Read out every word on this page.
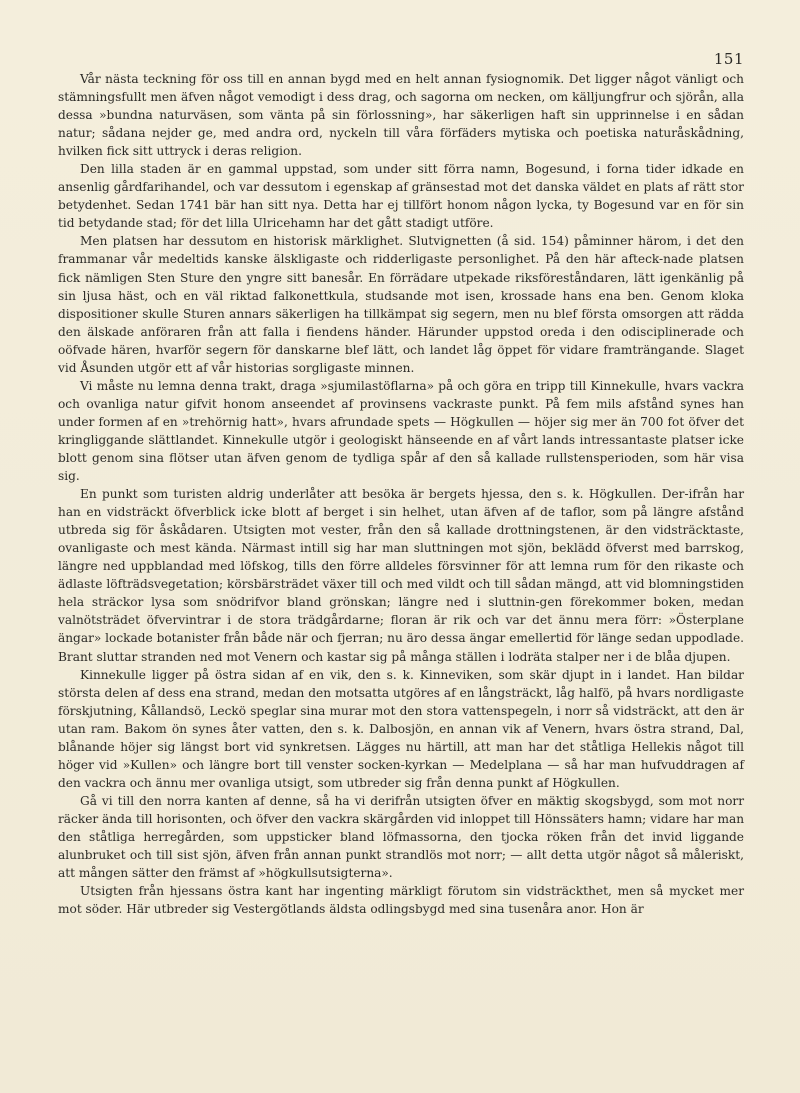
151

Vår nästa teckning för oss till en annan bygd med en helt annan fysiognomik. Det ligger något vänligt och stämningsfullt men äfven något vemodigt i dess drag, och sagorna om necken, om källjungfrur och sjörån, alla dessa »bundna naturväsen, som vänta på sin förlossning», har säkerligen haft sin upprinnelse i en sådan natur; sådana nejder ge, med andra ord, nyckeln till våra förfäders mytiska och poetiska naturåskådning, hvilken fick sitt uttryck i deras religion.

Den lilla staden är en gammal uppstad, som under sitt förra namn, Bogesund, i forna tider idkade en ansenlig gårdfarihandel, och var dessutom i egenskap af gränsestad mot det danska väldet en plats af rätt stor betydenhet. Sedan 1741 bär han sitt nya. Detta har ej tillfört honom någon lycka, ty Bogesund var en för sin tid betydande stad; för det lilla Ulricehamn har det gått stadigt utföre.

Men platsen har dessutom en historisk märklighet. Slutvignetten (å sid. 154) påminner härom, i det den frammanar vår medeltids kanske älskligaste och ridderligaste personlighet. På den här afteck-nade platsen fick nämligen Sten Sture den yngre sitt banesår. En förrädare utpekade riksföreståndaren, lätt igenkänlig på sin ljusa häst, och en väl riktad falkonettkula, studsande mot isen, krossade hans ena ben. Genom kloka dispositioner skulle Sturen annars säkerligen ha tillkämpat sig segern, men nu blef första omsorgen att rädda den älskade anföraren från att falla i fiendens händer. Härunder uppstod oreda i den odisciplinerade och oöfvade hären, hvarför segern för danskarne blef lätt, och landet låg öppet för vidare framträngande. Slaget vid Åsunden utgör ett af vår historias sorgligaste minnen.

Vi måste nu lemna denna trakt, draga »sjumilastöflarna» på och göra en tripp till Kinnekulle, hvars vackra och ovanliga natur gifvit honom anseendet af provinsens vackraste punkt. På fem mils afstånd synes han under formen af en »trehörnig hatt», hvars afrundade spets — Högkullen — höjer sig mer än 700 fot öfver det kringliggande slättlandet. Kinnekulle utgör i geologiskt hänseende en af vårt lands intressantaste platser icke blott genom sina flötser utan äfven genom de tydliga spår af den så kallade rullstensperioden, som här visa sig.

En punkt som turisten aldrig underlåter att besöka är bergets hjessa, den s. k. Högkullen. Der-ifrån har han en vidsträckt öfverblick icke blott af berget i sin helhet, utan äfven af de taflor, som på längre afstånd utbreda sig för åskådaren. Utsigten mot vester, från den så kallade drottningstenen, är den vidsträcktaste, ovanligaste och mest kända. Närmast intill sig har man sluttningen mot sjön, beklädd öfverst med barrskog, längre ned uppblandad med löfskog, tills den förre alldeles försvinner för att lemna rum för den rikaste och ädlaste löfträdsvegetation; körsbärsträdet växer till och med vildt och till sådan mängd, att vid blomningstiden hela sträckor lysa som snödrifvor bland grönskan; längre ned i sluttnin-gen förekommer boken, medan valnötsträdet öfvervintrar i de stora trädgårdarne; floran är rik och var det ännu mera förr: »Österplane ängar» lockade botanister från både när och fjerran; nu äro dessa ängar emellertid för länge sedan uppodlade. Brant sluttar stranden ned mot Venern och kastar sig på många ställen i lodräta stalper ner i de blåa djupen.

Kinnekulle ligger på östra sidan af en vik, den s. k. Kinneviken, som skär djupt in i landet. Han bildar största delen af dess ena strand, medan den motsatta utgöres af en långsträckt, låg halfö, på hvars nordligaste förskjutning, Kållandsö, Leckö speglar sina murar mot den stora vattenspegeln, i norr så vidsträckt, att den är utan ram. Bakom ön synes åter vatten, den s. k. Dalbosjön, en annan vik af Venern, hvars östra strand, Dal, blånande höjer sig längst bort vid synkretsen. Lägges nu härtill, att man har det ståtliga Hellekis något till höger vid »Kullen» och längre bort till venster socken-kyrkan — Medelplana — så har man hufvuddragen af den vackra och ännu mer ovanliga utsigt, som utbreder sig från denna punkt af Högkullen.

Gå vi till den norra kanten af denne, så ha vi derifrån utsigten öfver en mäktig skogsbygd, som mot norr räcker ända till horisonten, och öfver den vackra skärgården vid inloppet till Hönssäters hamn; vidare har man den ståtliga herregården, som uppsticker bland löfmassorna, den tjocka röken från det invid liggande alunbruket och till sist sjön, äfven från annan punkt strandlös mot norr; — allt detta utgör något så måleriskt, att mången sätter den främst af »högkullsutsigterna».

Utsigten från hjessans östra kant har ingenting märkligt förutom sin vidsträckthet, men så mycket mer mot söder. Här utbreder sig Vestergötlands äldsta odlingsbygd med sina tusenåra anor. Hon är
